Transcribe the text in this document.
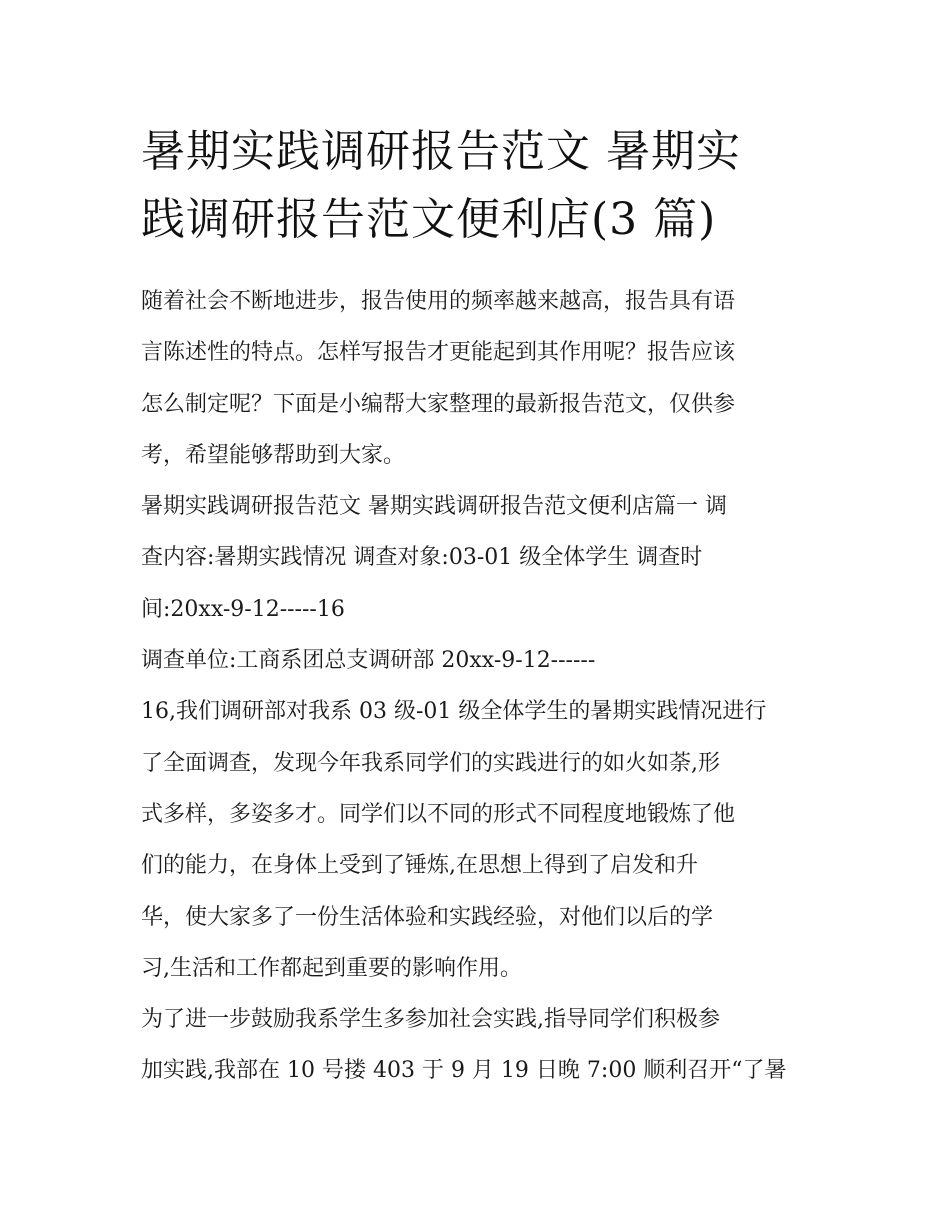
暑期实践调研报告范文 暑期实
践调研报告范文便利店(3 篇)
随着社会不断地进步，报告使用的频率越来越高，报告具有语
言陈述性的特点。怎样写报告才更能起到其作用呢？报告应该
怎么制定呢？下面是小编帮大家整理的最新报告范文，仅供参
考，希望能够帮助到大家。
暑期实践调研报告范文 暑期实践调研报告范文便利店篇一 调
查内容:暑期实践情况 调查对象:03-01 级全体学生 调查时
间:20xx-9-12-----16
调查单位:工商系团总支调研部 20xx-9-12------
16,我们调研部对我系 03 级-01 级全体学生的暑期实践情况进行
了全面调查，发现今年我系同学们的实践进行的如火如荼,形
式多样，多姿多才。同学们以不同的形式不同程度地锻炼了他
们的能力，在身体上受到了锤炼,在思想上得到了启发和升
华，使大家多了一份生活体验和实践经验，对他们以后的学
习,生活和工作都起到重要的影响作用。
为了进一步鼓励我系学生多参加社会实践,指导同学们积极参
加实践,我部在 10 号搂 403 于 9 月 19 日晚 7:00 顺利召开“了暑
